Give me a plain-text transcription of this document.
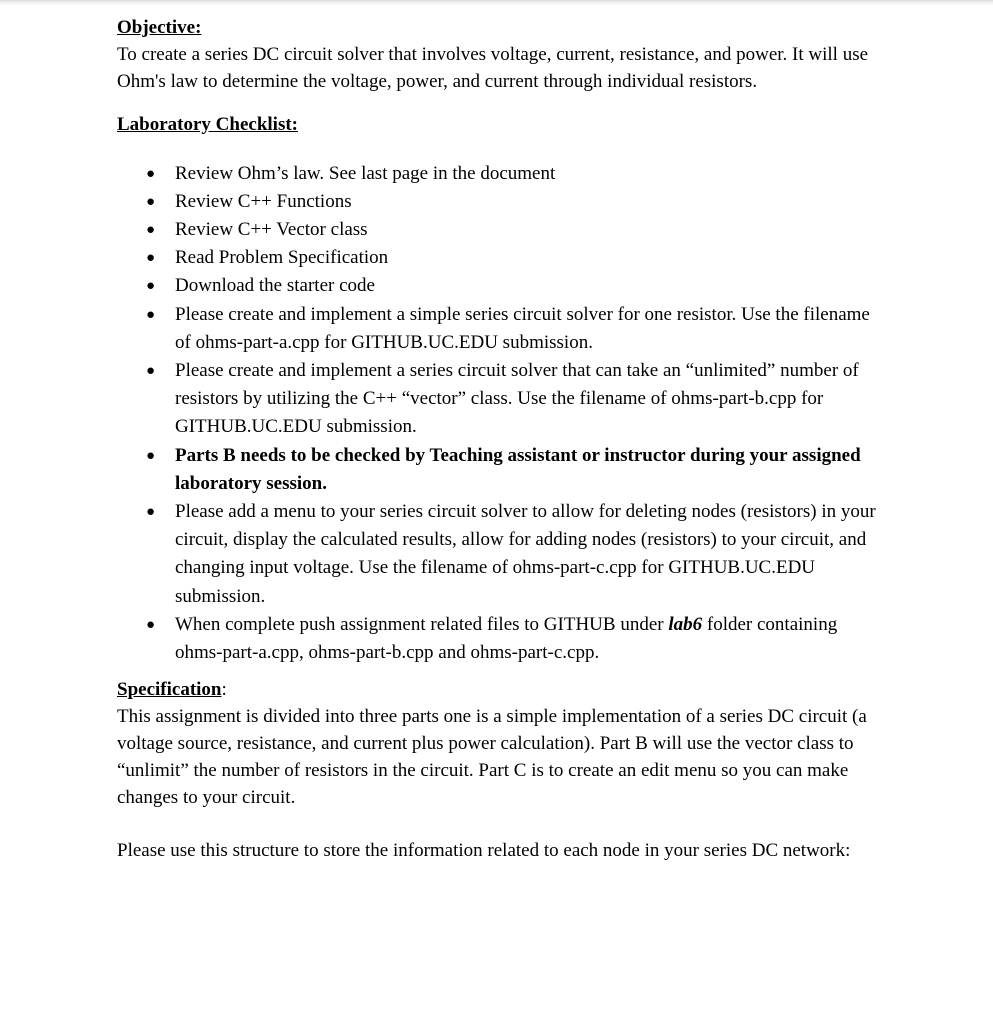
Objective:

To create a series DC circuit solver that involves voltage, current, resistance, and power. It will use Ohm's law to determine the voltage, power, and current through individual resistors.

Laboratory Checklist:

● Review Ohm’s law. See last page in the document
● Review C++ Functions
● Review C++ Vector class
● Read Problem Specification
● Download the starter code
● Please create and implement a simple series circuit solver for one resistor. Use the filename of ohms-part-a.cpp for GITHUB.UC.EDU submission.
● Please create and implement a series circuit solver that can take an “unlimited” number of resistors by utilizing the C++ “vector” class. Use the filename of ohms-part-b.cpp for GITHUB.UC.EDU submission.
● Parts B needs to be checked by Teaching assistant or instructor during your assigned laboratory session.
● Please add a menu to your series circuit solver to allow for deleting nodes (resistors) in your circuit, display the calculated results, allow for adding nodes (resistors) to your circuit, and changing input voltage. Use the filename of ohms-part-c.cpp for GITHUB.UC.EDU submission.
● When complete push assignment related files to GITHUB under lab6 folder containing ohms-part-a.cpp, ohms-part-b.cpp and ohms-part-c.cpp.
Specification:

This assignment is divided into three parts one is a simple implementation of a series DC circuit (a voltage source, resistance, and current plus power calculation). Part B will use the vector class to “unlimit” the number of resistors in the circuit. Part C is to create an edit menu so you can make changes to your circuit.

Please use this structure to store the information related to each node in your series DC network:
